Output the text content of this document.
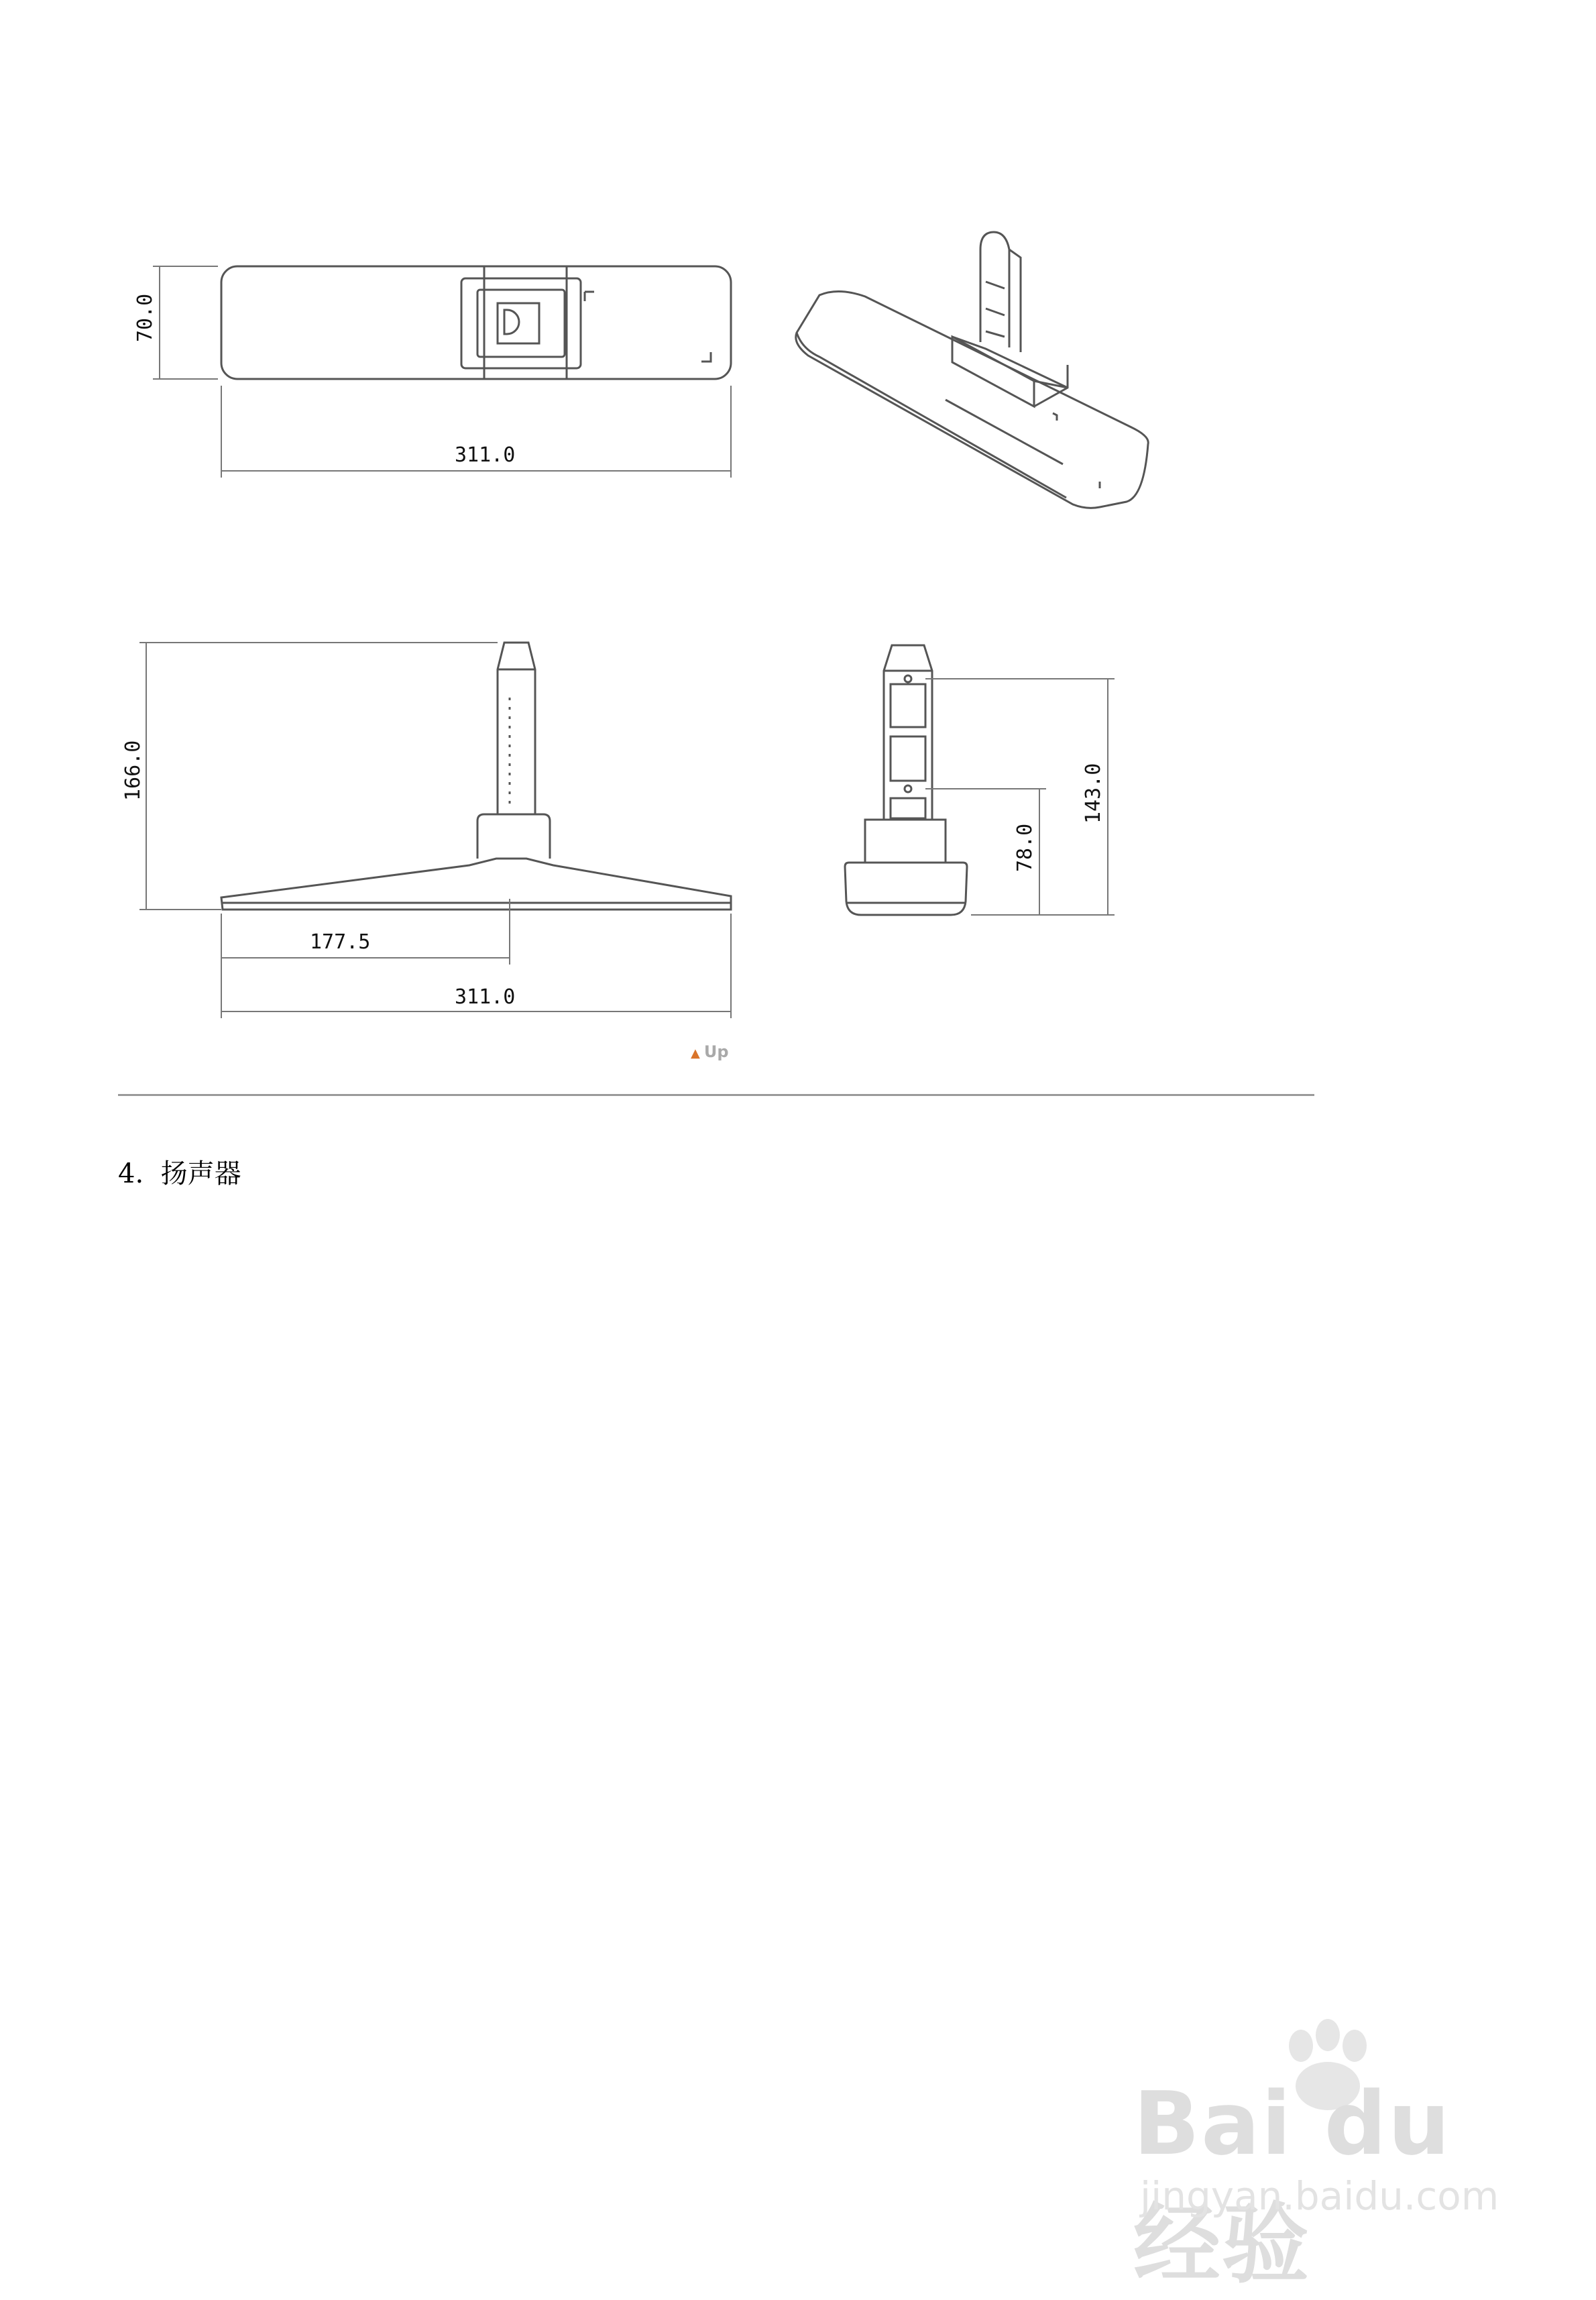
311.0
70.0
166.0
177.5
311.0
143.0
78.0
▲ Up
4. 扬声器
Bai du 经验
jingyan.baidu.com
